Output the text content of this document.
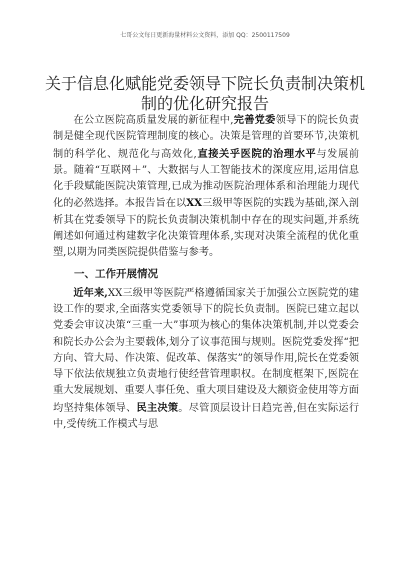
七哥公文每日更新海量材料公文资料，添加 QQ：2500117509
关于信息化赋能党委领导下院长负责制决策机制的优化研究报告

在公立医院高质量发展的新征程中,完善党委领导下的院长负责制是健全现代医院管理制度的核心。决策是管理的首要环节,决策机制的科学化、规范化与高效化,直接关乎医院的治理水平与发展前景。随着“互联网＋”、大数据与人工智能技术的深度应用,运用信息化手段赋能医院决策管理,已成为推动医院治理体系和治理能力现代化的必然选择。本报告旨在以XX三级甲等医院的实践为基础,深入剖析其在党委领导下的院长负责制决策机制中存在的现实问题,并系统阐述如何通过构建数字化决策管理体系,实现对决策全流程的优化重塑,以期为同类医院提供借鉴与参考。

一、工作开展情况

近年来,XX三级甲等医院严格遵循国家关于加强公立医院党的建设工作的要求,全面落实党委领导下的院长负责制。医院已建立起以党委会审议决策“三重一大”事项为核心的集体决策机制,并以党委会和院长办公会为主要载体,划分了议事范围与规则。医院党委发挥“把方向、管大局、作决策、促改革、保落实”的领导作用,院长在党委领导下依法依规独立负责地行使经营管理职权。在制度框架下,医院在重大发展规划、重要人事任免、重大项目建设及大额资金使用等方面均坚持集体领导、民主决策。尽管顶层设计日趋完善,但在实际运行中,受传统工作模式与思
